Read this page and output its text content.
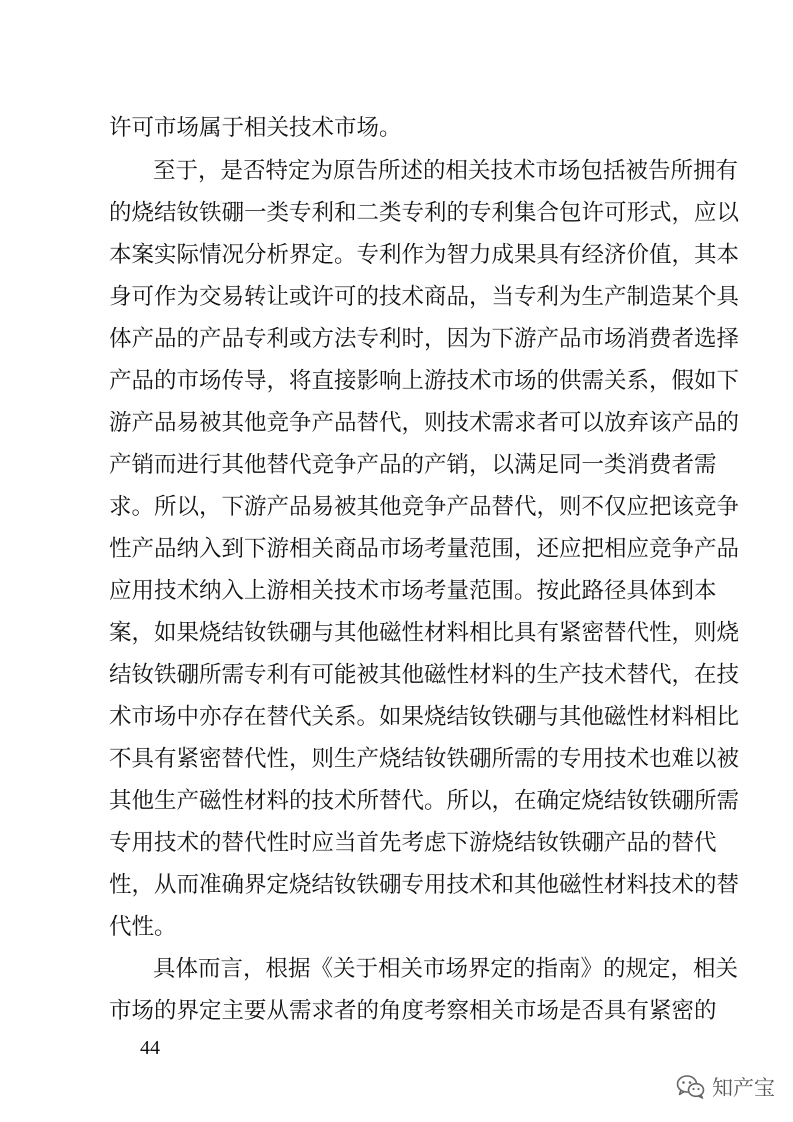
许可市场属于相关技术市场。
至于，是否特定为原告所述的相关技术市场包括被告所拥有
的烧结钕铁硼一类专利和二类专利的专利集合包许可形式，应以
本案实际情况分析界定。专利作为智力成果具有经济价值，其本
身可作为交易转让或许可的技术商品，当专利为生产制造某个具
体产品的产品专利或方法专利时，因为下游产品市场消费者选择
产品的市场传导，将直接影响上游技术市场的供需关系，假如下
游产品易被其他竞争产品替代，则技术需求者可以放弃该产品的
产销而进行其他替代竞争产品的产销，以满足同一类消费者需
求。所以，下游产品易被其他竞争产品替代，则不仅应把该竞争
性产品纳入到下游相关商品市场考量范围，还应把相应竞争产品
应用技术纳入上游相关技术市场考量范围。按此路径具体到本
案，如果烧结钕铁硼与其他磁性材料相比具有紧密替代性，则烧
结钕铁硼所需专利有可能被其他磁性材料的生产技术替代，在技
术市场中亦存在替代关系。如果烧结钕铁硼与其他磁性材料相比
不具有紧密替代性，则生产烧结钕铁硼所需的专用技术也难以被
其他生产磁性材料的技术所替代。所以，在确定烧结钕铁硼所需
专用技术的替代性时应当首先考虑下游烧结钕铁硼产品的替代
性，从而准确界定烧结钕铁硼专用技术和其他磁性材料技术的替
代性。
具体而言，根据《关于相关市场界定的指南》的规定，相关
市场的界定主要从需求者的角度考察相关市场是否具有紧密的
44
知产宝
